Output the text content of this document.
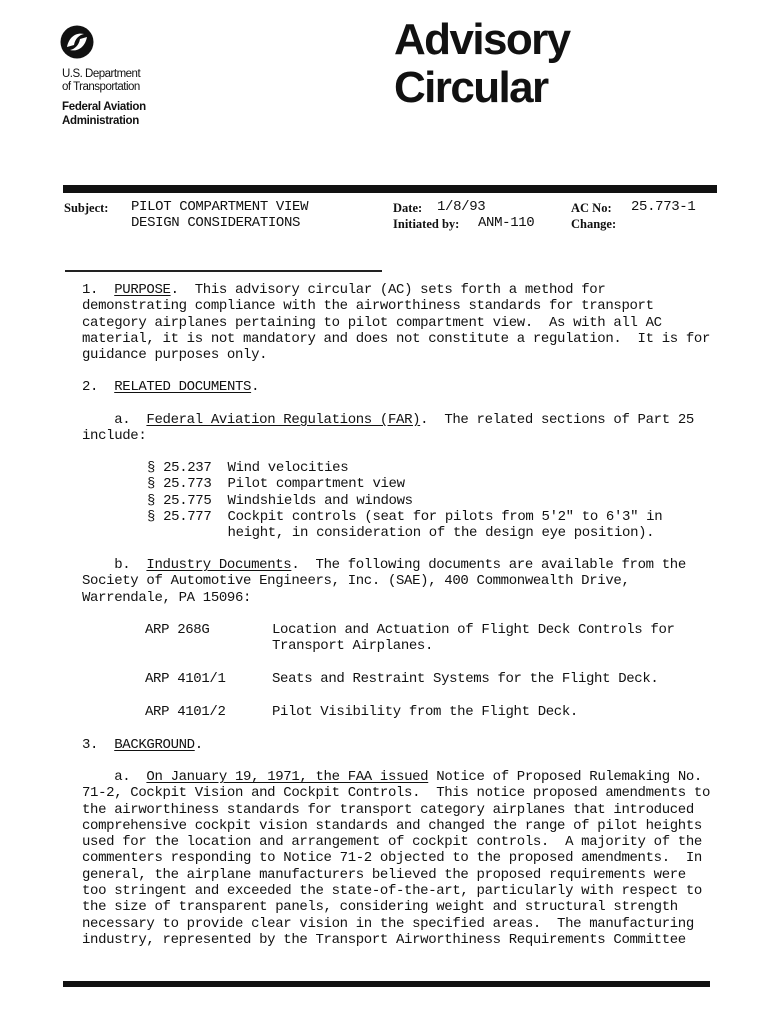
U.S. Department
of Transportation
Federal Aviation
Administration
Advisory
Circular
Subject: PILOT COMPARTMENT VIEW
DESIGN CONSIDERATIONS
Date: 1/8/93
Initiated by: ANM-110
AC No: 25.773-1
Change:
1.  PURPOSE.  This advisory circular (AC) sets forth a method for
demonstrating compliance with the airworthiness standards for transport
category airplanes pertaining to pilot compartment view.  As with all AC
material, it is not mandatory and does not constitute a regulation.  It is for
guidance purposes only.
2.  RELATED DOCUMENTS.
a.  Federal Aviation Regulations (FAR).  The related sections of Part 25
include:
§ 25.237  Wind velocities
§ 25.773  Pilot compartment view
§ 25.775  Windshields and windows
§ 25.777  Cockpit controls (seat for pilots from 5'2" to 6'3" in
height, in consideration of the design eye position).
b.  Industry Documents.  The following documents are available from the
Society of Automotive Engineers, Inc. (SAE), 400 Commonwealth Drive,
Warrendale, PA 15096:
ARP 268G	Location and Actuation of Flight Deck Controls for
Transport Airplanes.
ARP 4101/1	Seats and Restraint Systems for the Flight Deck.
ARP 4101/2	Pilot Visibility from the Flight Deck.
3.  BACKGROUND.
a.  On January 19, 1971, the FAA issued Notice of Proposed Rulemaking No.
71-2, Cockpit Vision and Cockpit Controls.  This notice proposed amendments to
the airworthiness standards for transport category airplanes that introduced
comprehensive cockpit vision standards and changed the range of pilot heights
used for the location and arrangement of cockpit controls.  A majority of the
commenters responding to Notice 71-2 objected to the proposed amendments.  In
general, the airplane manufacturers believed the proposed requirements were
too stringent and exceeded the state-of-the-art, particularly with respect to
the size of transparent panels, considering weight and structural strength
necessary to provide clear vision in the specified areas.  The manufacturing
industry, represented by the Transport Airworthiness Requirements Committee
